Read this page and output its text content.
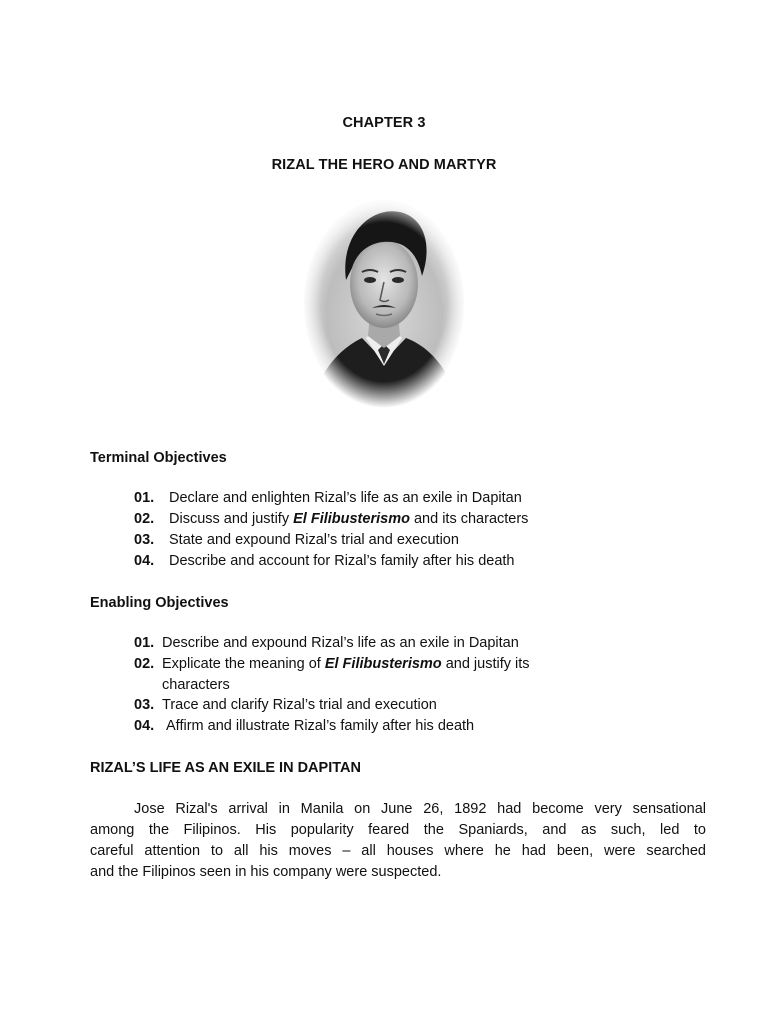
CHAPTER 3
RIZAL THE HERO AND MARTYR
Terminal Objectives
01. Declare and enlighten Rizal’s life as an exile in Dapitan
02. Discuss and justify El Filibusterismo and its characters
03. State and expound Rizal’s trial and execution
04. Describe and account for Rizal’s family after his death
Enabling Objectives
01. Describe and expound Rizal’s life as an exile in Dapitan
02. Explicate the meaning of El Filibusterismo and justify its
characters
03. Trace and clarify Rizal’s trial and execution
04. Affirm and illustrate Rizal’s family after his death
RIZAL’S LIFE AS AN EXILE IN DAPITAN
Jose Rizal's arrival in Manila on June 26, 1892 had become very sensational
among the Filipinos. His popularity feared the Spaniards, and as such, led to
careful attention to all his moves – all houses where he had been, were searched
and the Filipinos seen in his company were suspected.
